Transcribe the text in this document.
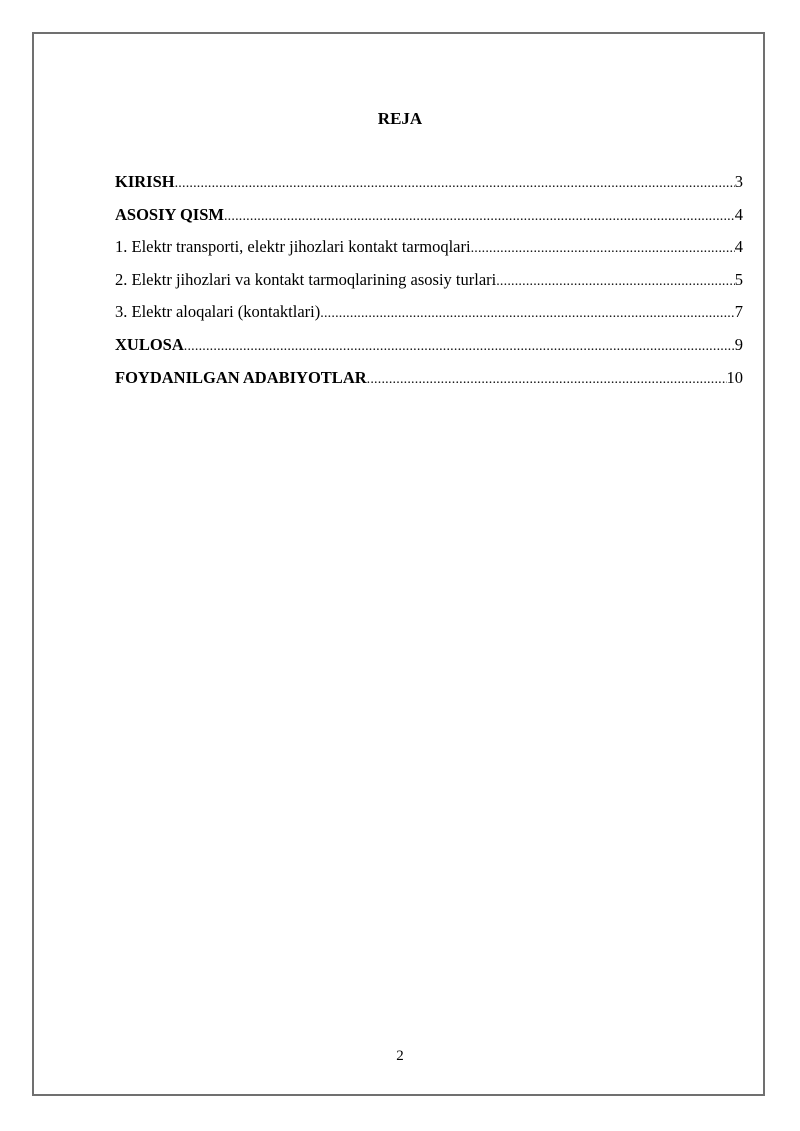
REJA
KIRISH .....	3
ASOSIY QISM .....	4
1. Elektr transporti, elektr jihozlari kontakt tarmoqlari .....	4
2. Elektr jihozlari va kontakt tarmoqlarining asosiy turlari .....	5
3. Elektr aloqalari (kontaktlari) .....	7
XULOSA .....	9
FOYDANILGAN ADABIYOTLAR .....	10
2
